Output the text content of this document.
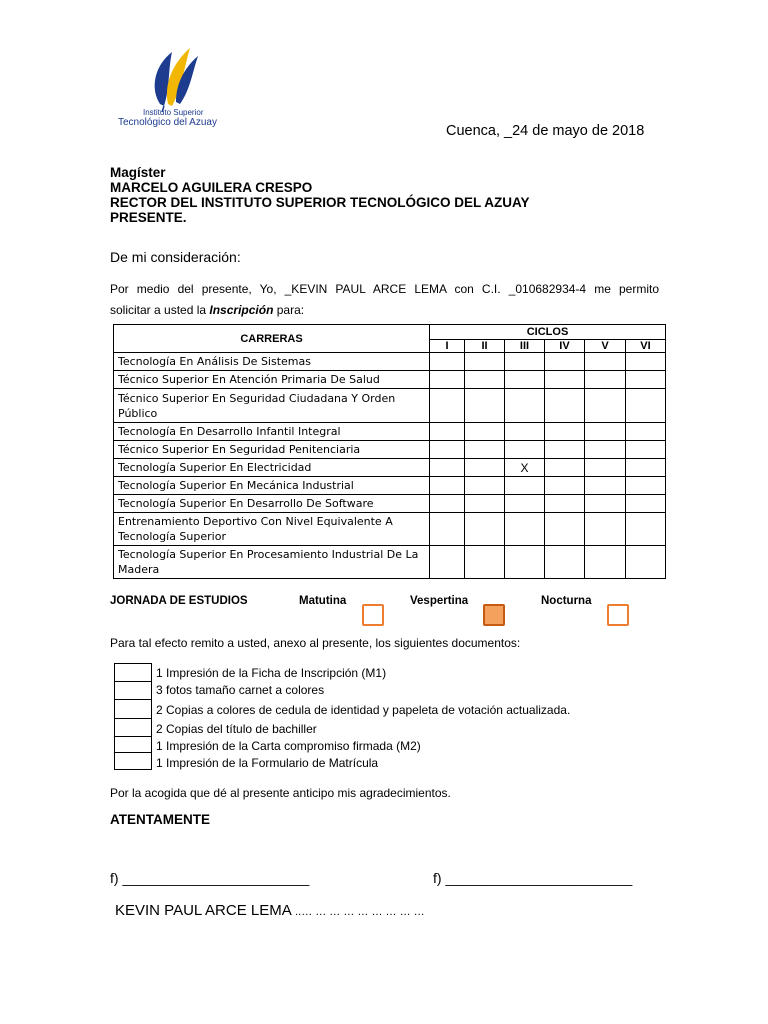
Instituto Superior
Tecnológico del Azuay
Cuenca, _24 de mayo de 2018
Magíster
MARCELO AGUILERA CRESPO
RECTOR DEL INSTITUTO SUPERIOR TECNOLÓGICO DEL AZUAY
PRESENTE.
De mi consideración:
Por medio del presente, Yo, _KEVIN PAUL ARCE LEMA con C.I. _010682934-4 me permito
solicitar a usted la Inscripción para:
CARRERAS	CICLOS					
	I	II	III	IV	V	VI
Tecnología En Análisis De Sistemas						
Técnico Superior En Atención Primaria De Salud						
Técnico Superior En Seguridad Ciudadana Y Orden Público						
Tecnología En Desarrollo Infantil Integral						
Técnico Superior En Seguridad Penitenciaria						
Tecnología Superior En Electricidad			X			
Tecnología Superior En Mecánica Industrial						
Tecnología Superior En Desarrollo De Software						
Entrenamiento Deportivo Con Nivel Equivalente A Tecnología Superior						
Tecnología Superior En Procesamiento Industrial De La Madera						
JORNADA DE ESTUDIOS	Matutina	Vespertina	Nocturna
Para tal efecto remito a usted, anexo al presente, los siguientes documentos:
1 Impresión de la Ficha de Inscripción (M1)
3 fotos tamaño carnet a colores
2 Copias a colores de cedula de identidad y papeleta de votación actualizada.
2 Copias del título de bachiller
1 Impresión de la Carta compromiso firmada (M2)
1 Impresión de la Formulario de Matrícula
Por la acogida que dé al presente anticipo mis agradecimientos.
ATENTAMENTE
f) ________________________	f) ________________________
KEVIN PAUL ARCE LEMA ..… … … … … … … … …
